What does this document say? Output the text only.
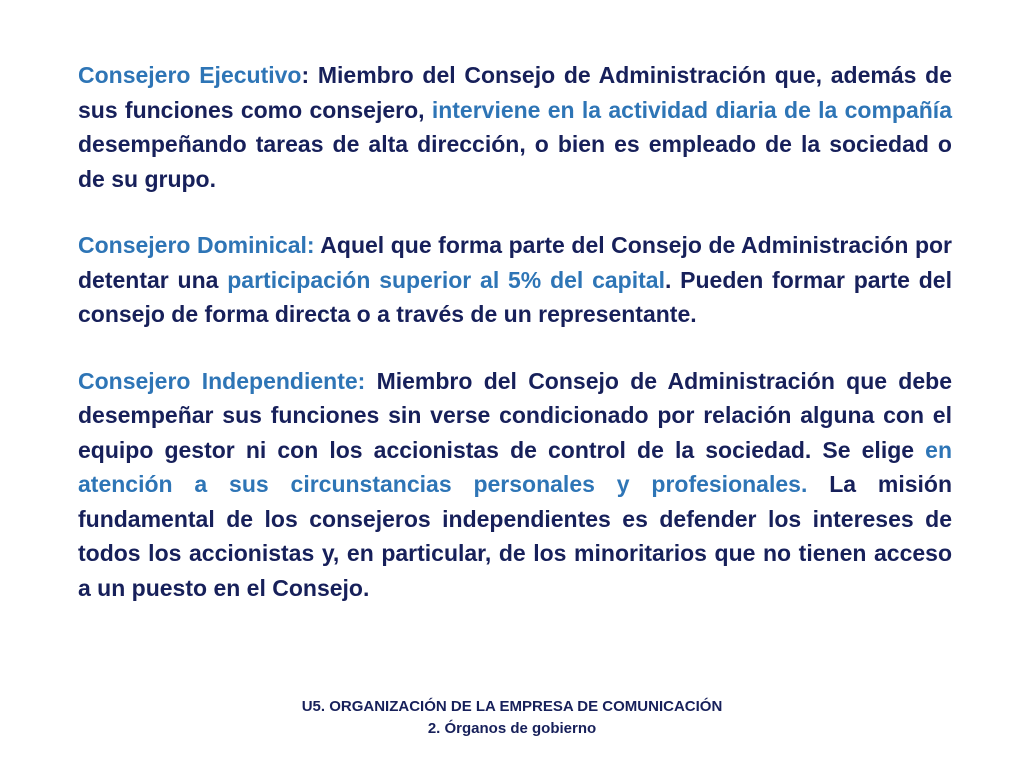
Consejero Ejecutivo: Miembro del Consejo de Administración que, además de sus funciones como consejero, interviene en la actividad diaria de la compañía desempeñando tareas de alta dirección, o bien es empleado de la sociedad o de su grupo.

Consejero Dominical: Aquel que forma parte del Consejo de Administración por detentar una participación superior al 5% del capital. Pueden formar parte del consejo de forma directa o a través de un representante.

Consejero Independiente: Miembro del Consejo de Administración que debe desempeñar sus funciones sin verse condicionado por relación alguna con el equipo gestor ni con los accionistas de control de la sociedad. Se elige en atención a sus circunstancias personales y profesionales. La misión fundamental de los consejeros independientes es defender los intereses de todos los accionistas y, en particular, de los minoritarios que no tienen acceso a un puesto en el Consejo.

U5. ORGANIZACIÓN DE LA EMPRESA DE COMUNICACIÓN
2. Órganos de gobierno
